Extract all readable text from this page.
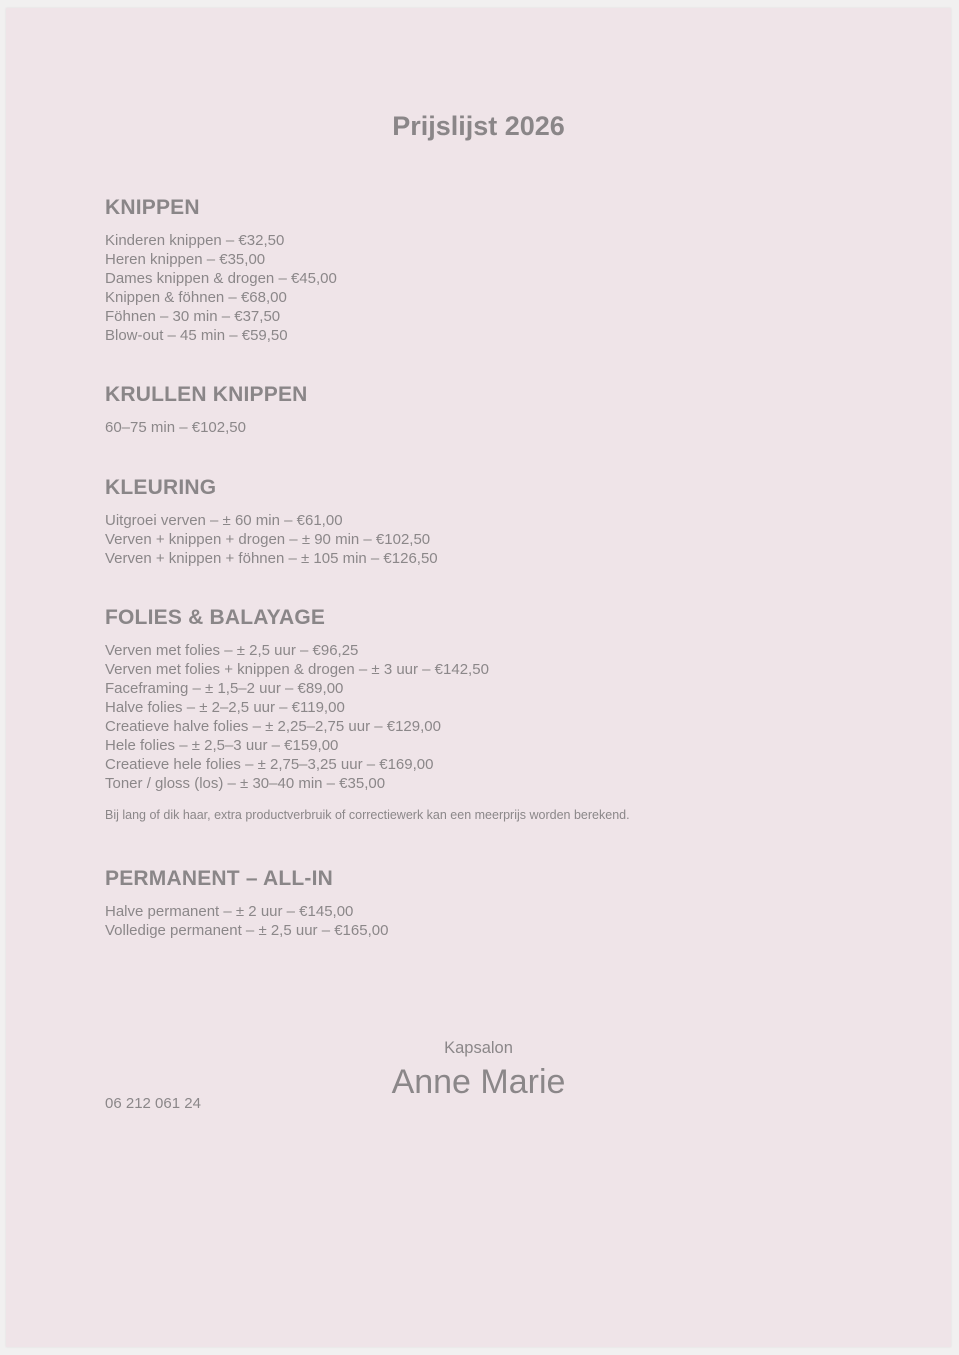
Prijslijst 2026
KNIPPEN
Kinderen knippen – €32,50
Heren knippen – €35,00
Dames knippen & drogen – €45,00
Knippen & föhnen – €68,00
Föhnen – 30 min – €37,50
Blow-out – 45 min – €59,50
KRULLEN KNIPPEN
60–75 min – €102,50
KLEURING
Uitgroei verven – ± 60 min – €61,00
Verven + knippen + drogen – ± 90 min – €102,50
Verven + knippen + föhnen – ± 105 min – €126,50
FOLIES & BALAYAGE
Verven met folies – ± 2,5 uur – €96,25
Verven met folies + knippen & drogen – ± 3 uur – €142,50
Faceframing – ± 1,5–2 uur – €89,00
Halve folies – ± 2–2,5 uur – €119,00
Creatieve halve folies – ± 2,25–2,75 uur – €129,00
Hele folies – ± 2,5–3 uur – €159,00
Creatieve hele folies – ± 2,75–3,25 uur – €169,00
Toner / gloss (los) – ± 30–40 min – €35,00

Bij lang of dik haar, extra productverbruik of correctiewerk kan een meerprijs worden berekend.

PERMANENT – ALL-IN
Halve permanent – ± 2 uur – €145,00
Volledige permanent – ± 2,5 uur – €165,00
Kapsalon
Anne Marie
06 212 061 24
